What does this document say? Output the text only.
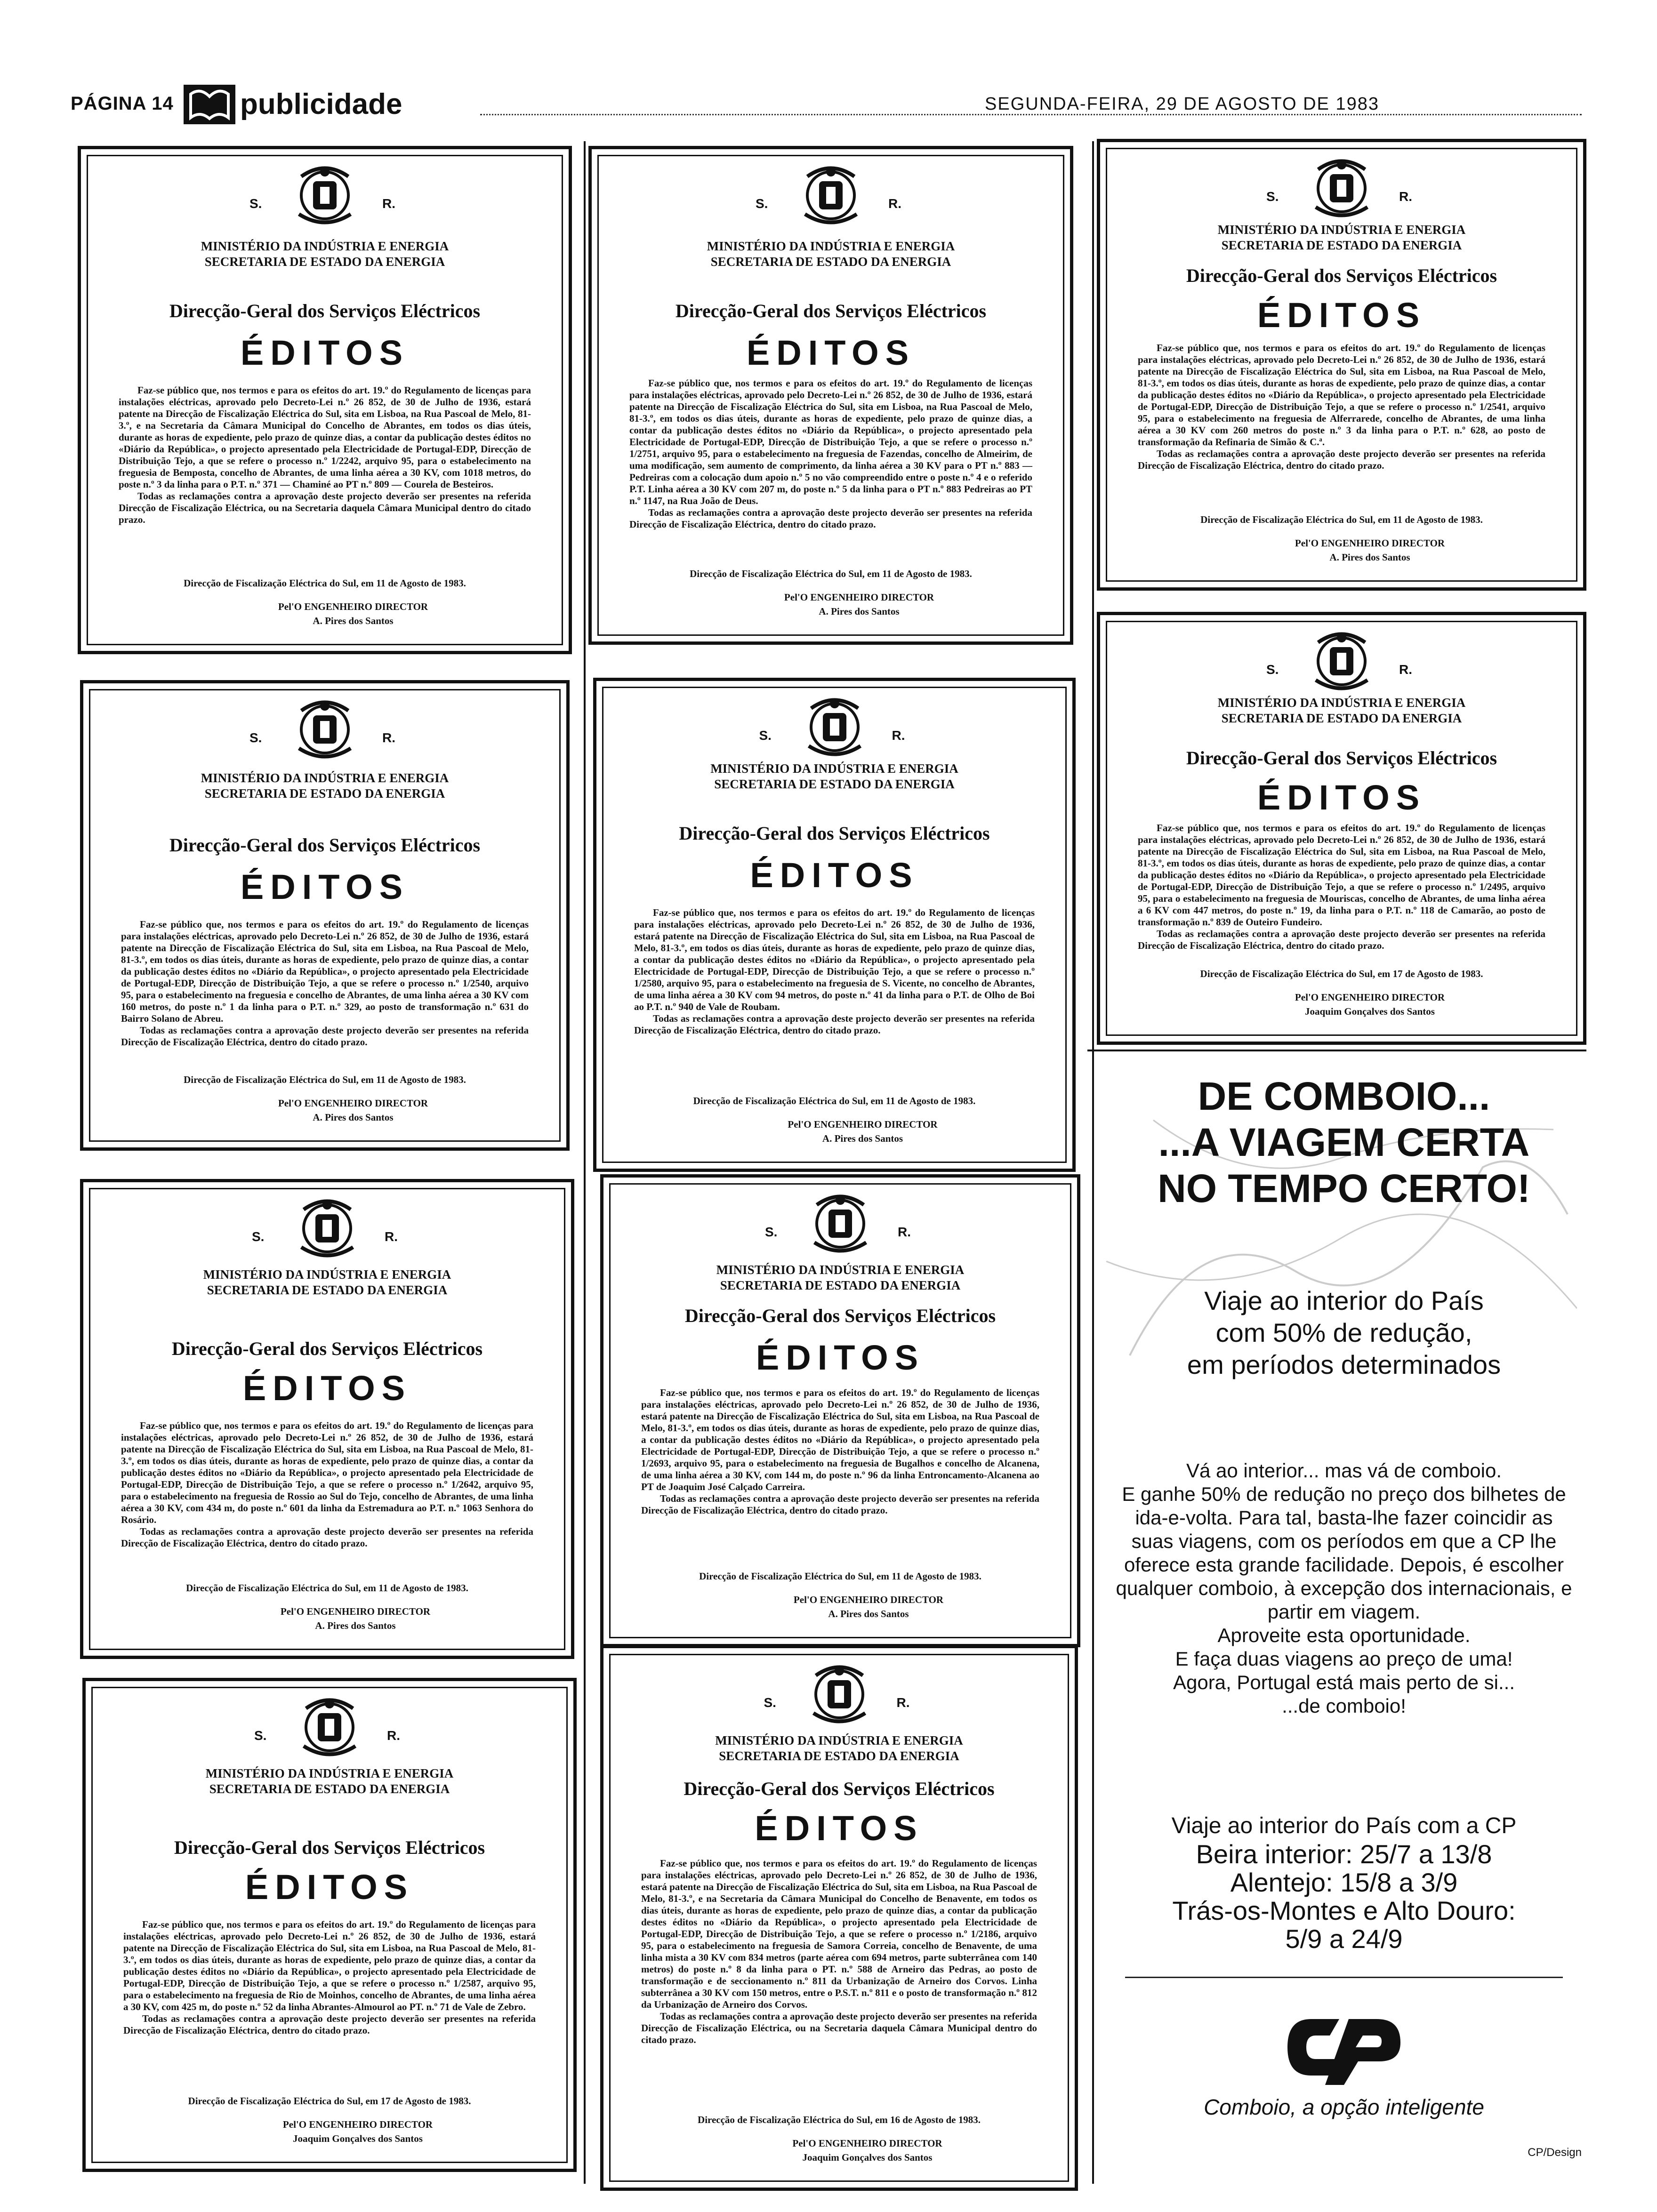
PÁGINA 14 publicidade	SEGUNDA-FEIRA, 29 DE AGOSTO DE 1983
S.	R.
MINISTÉRIO DA INDÚSTRIA E ENERGIA
SECRETARIA DE ESTADO DA ENERGIA
Direcção-Geral dos Serviços Eléctricos
ÉDITOS

Faz-se público que, nos termos e para os efeitos do art. 19.º do Regulamento de licenças para instalações eléctricas, aprovado pelo Decreto-Lei n.º 26 852, de 30 de Julho de 1936, estará patente na Direcção de Fiscalização Eléctrica do Sul, sita em Lisboa, na Rua Pascoal de Melo, 81-3.º, e na Secretaria da Câmara Municipal do Concelho de Abrantes, em todos os dias úteis, durante as horas de expediente, pelo prazo de quinze dias, a contar da publicação destes éditos no «Diário da República», o projecto apresentado pela Electricidade de Portugal-EDP, Direcção de Distribuição Tejo, a que se refere o processo n.º 1/2242, arquivo 95, para o estabelecimento na freguesia de Bemposta, concelho de Abrantes, de uma linha aérea a 30 KV, com 1018 metros, do poste n.º 3 da linha para o P.T. n.º 371 — Chaminé ao PT n.º 809 — Courela de Besteiros.

Todas as reclamações contra a aprovação deste projecto deverão ser presentes na referida Direcção de Fiscalização Eléctrica, ou na Secretaria daquela Câmara Municipal dentro do citado prazo.

Direcção de Fiscalização Eléctrica do Sul, em 11 de Agosto de 1983.
Pel'O ENGENHEIRO DIRECTOR
A. Pires dos Santos
S.	R.
MINISTÉRIO DA INDÚSTRIA E ENERGIA
SECRETARIA DE ESTADO DA ENERGIA
Direcção-Geral dos Serviços Eléctricos
ÉDITOS

Faz-se público que, nos termos e para os efeitos do art. 19.º do Regulamento de licenças para instalações eléctricas, aprovado pelo Decreto-Lei n.º 26 852, de 30 de Julho de 1936, estará patente na Direcção de Fiscalização Eléctrica do Sul, sita em Lisboa, na Rua Pascoal de Melo, 81-3.º, em todos os dias úteis, durante as horas de expediente, pelo prazo de quinze dias, a contar da publicação destes éditos no «Diário da República», o projecto apresentado pela Electricidade de Portugal-EDP, Direcção de Distribuição Tejo, a que se refere o processo n.º 1/2751, arquivo 95, para o estabelecimento na freguesia de Fazendas, concelho de Almeirim, de uma modificação, sem aumento de comprimento, da linha aérea a 30 KV para o PT n.º 883 — Pedreiras com a colocação dum apoio n.º 5 no vão compreendido entre o poste n.º 4 e o referido P.T. Linha aérea a 30 KV com 207 m, do poste n.º 5 da linha para o PT n.º 883 Pedreiras ao PT n.º 1147, na Rua João de Deus.

Todas as reclamações contra a aprovação deste projecto deverão ser presentes na referida Direcção de Fiscalização Eléctrica, dentro do citado prazo.

Direcção de Fiscalização Eléctrica do Sul, em 11 de Agosto de 1983.
Pel'O ENGENHEIRO DIRECTOR
A. Pires dos Santos
S.	R.
MINISTÉRIO DA INDÚSTRIA E ENERGIA
SECRETARIA DE ESTADO DA ENERGIA
Direcção-Geral dos Serviços Eléctricos
ÉDITOS

Faz-se público que, nos termos e para os efeitos do art. 19.º do Regulamento de licenças para instalações eléctricas, aprovado pelo Decreto-Lei n.º 26 852, de 30 de Julho de 1936, estará patente na Direcção de Fiscalização Eléctrica do Sul, sita em Lisboa, na Rua Pascoal de Melo, 81-3.º, em todos os dias úteis, durante as horas de expediente, pelo prazo de quinze dias, a contar da publicação destes éditos no «Diário da República», o projecto apresentado pela Electricidade de Portugal-EDP, Direcção de Distribuição Tejo, a que se refere o processo n.º 1/2541, arquivo 95, para o estabelecimento na freguesia de Alferrarede, concelho de Abrantes, de uma linha aérea a 30 KV com 260 metros do poste n.º 3 da linha para o P.T. n.º 628, ao posto de transformação da Refinaria de Simão & C.ª.

Todas as reclamações contra a aprovação deste projecto deverão ser presentes na referida Direcção de Fiscalização Eléctrica, dentro do citado prazo.

Direcção de Fiscalização Eléctrica do Sul, em 11 de Agosto de 1983.
Pel'O ENGENHEIRO DIRECTOR
A. Pires dos Santos
S.	R.
MINISTÉRIO DA INDÚSTRIA E ENERGIA
SECRETARIA DE ESTADO DA ENERGIA
Direcção-Geral dos Serviços Eléctricos
ÉDITOS

Faz-se público que, nos termos e para os efeitos do art. 19.º do Regulamento de licenças para instalações eléctricas, aprovado pelo Decreto-Lei n.º 26 852, de 30 de Julho de 1936, estará patente na Direcção de Fiscalização Eléctrica do Sul, sita em Lisboa, na Rua Pascoal de Melo, 81-3.º, em todos os dias úteis, durante as horas de expediente, pelo prazo de quinze dias, a contar da publicação destes éditos no «Diário da República», o projecto apresentado pela Electricidade de Portugal-EDP, Direcção de Distribuição Tejo, a que se refere o processo n.º 1/2540, arquivo 95, para o estabelecimento na freguesia e concelho de Abrantes, de uma linha aérea a 30 KV com 160 metros, do poste n.º 1 da linha para o P.T. n.º 329, ao posto de transformação n.º 631 do Bairro Solano de Abreu.

Todas as reclamações contra a aprovação deste projecto deverão ser presentes na referida Direcção de Fiscalização Eléctrica, dentro do citado prazo.

Direcção de Fiscalização Eléctrica do Sul, em 11 de Agosto de 1983.
Pel'O ENGENHEIRO DIRECTOR
A. Pires dos Santos
S.	R.
MINISTÉRIO DA INDÚSTRIA E ENERGIA
SECRETARIA DE ESTADO DA ENERGIA
Direcção-Geral dos Serviços Eléctricos
ÉDITOS

Faz-se público que, nos termos e para os efeitos do art. 19.º do Regulamento de licenças para instalações eléctricas, aprovado pelo Decreto-Lei n.º 26 852, de 30 de Julho de 1936, estará patente na Direcção de Fiscalização Eléctrica do Sul, sita em Lisboa, na Rua Pascoal de Melo, 81-3.º, em todos os dias úteis, durante as horas de expediente, pelo prazo de quinze dias, a contar da publicação destes éditos no «Diário da República», o projecto apresentado pela Electricidade de Portugal-EDP, Direcção de Distribuição Tejo, a que se refere o processo n.º 1/2580, arquivo 95, para o estabelecimento na freguesia de S. Vicente, no concelho de Abrantes, de uma linha aérea a 30 KV com 94 metros, do poste n.º 41 da linha para o P.T. de Olho de Boi ao P.T. n.º 940 de Vale de Roubam.

Todas as reclamações contra a aprovação deste projecto deverão ser presentes na referida Direcção de Fiscalização Eléctrica, dentro do citado prazo.

Direcção de Fiscalização Eléctrica do Sul, em 11 de Agosto de 1983.
Pel'O ENGENHEIRO DIRECTOR
A. Pires dos Santos
S.	R.
MINISTÉRIO DA INDÚSTRIA E ENERGIA
SECRETARIA DE ESTADO DA ENERGIA
Direcção-Geral dos Serviços Eléctricos
ÉDITOS

Faz-se público que, nos termos e para os efeitos do art. 19.º do Regulamento de licenças para instalações eléctricas, aprovado pelo Decreto-Lei n.º 26 852, de 30 de Julho de 1936, estará patente na Direcção de Fiscalização Eléctrica do Sul, sita em Lisboa, na Rua Pascoal de Melo, 81-3.º, em todos os dias úteis, durante as horas de expediente, pelo prazo de quinze dias, a contar da publicação destes éditos no «Diário da República», o projecto apresentado pela Electricidade de Portugal-EDP, Direcção de Distribuição Tejo, a que se refere o processo n.º 1/2495, arquivo 95, para o estabelecimento na freguesia de Mouriscas, concelho de Abrantes, de uma linha aérea a 6 KV com 447 metros, do poste n.º 19, da linha para o P.T. n.º 118 de Camarão, ao posto de transformação n.º 839 de Outeiro Fundeiro.

Todas as reclamações contra a aprovação deste projecto deverão ser presentes na referida Direcção de Fiscalização Eléctrica, dentro do citado prazo.

Direcção de Fiscalização Eléctrica do Sul, em 17 de Agosto de 1983.
Pel'O ENGENHEIRO DIRECTOR
Joaquim Gonçalves dos Santos
S.	R.
MINISTÉRIO DA INDÚSTRIA E ENERGIA
SECRETARIA DE ESTADO DA ENERGIA
Direcção-Geral dos Serviços Eléctricos
ÉDITOS

Faz-se público que, nos termos e para os efeitos do art. 19.º do Regulamento de licenças para instalações eléctricas, aprovado pelo Decreto-Lei n.º 26 852, de 30 de Julho de 1936, estará patente na Direcção de Fiscalização Eléctrica do Sul, sita em Lisboa, na Rua Pascoal de Melo, 81-3.º, em todos os dias úteis, durante as horas de expediente, pelo prazo de quinze dias, a contar da publicação destes éditos no «Diário da República», o projecto apresentado pela Electricidade de Portugal-EDP, Direcção de Distribuição Tejo, a que se refere o processo n.º 1/2642, arquivo 95, para o estabelecimento na freguesia de Rossio ao Sul do Tejo, concelho de Abrantes, de uma linha aérea a 30 KV, com 434 m, do poste n.º 601 da linha da Estremadura ao P.T. n.º 1063 Senhora do Rosário.

Todas as reclamações contra a aprovação deste projecto deverão ser presentes na referida Direcção de Fiscalização Eléctrica, dentro do citado prazo.

Direcção de Fiscalização Eléctrica do Sul, em 11 de Agosto de 1983.
Pel'O ENGENHEIRO DIRECTOR
A. Pires dos Santos
S.	R.
MINISTÉRIO DA INDÚSTRIA E ENERGIA
SECRETARIA DE ESTADO DA ENERGIA
Direcção-Geral dos Serviços Eléctricos
ÉDITOS

Faz-se público que, nos termos e para os efeitos do art. 19.º do Regulamento de licenças para instalações eléctricas, aprovado pelo Decreto-Lei n.º 26 852, de 30 de Julho de 1936, estará patente na Direcção de Fiscalização Eléctrica do Sul, sita em Lisboa, na Rua Pascoal de Melo, 81-3.º, em todos os dias úteis, durante as horas de expediente, pelo prazo de quinze dias, a contar da publicação destes éditos no «Diário da República», o projecto apresentado pela Electricidade de Portugal-EDP, Direcção de Distribuição Tejo, a que se refere o processo n.º 1/2693, arquivo 95, para o estabelecimento na freguesia de Bugalhos e concelho de Alcanena, de uma linha aérea a 30 KV, com 144 m, do poste n.º 96 da linha Entroncamento-Alcanena ao PT de Joaquim José Calçado Carreira.

Todas as reclamações contra a aprovação deste projecto deverão ser presentes na referida Direcção de Fiscalização Eléctrica, dentro do citado prazo.

Direcção de Fiscalização Eléctrica do Sul, em 11 de Agosto de 1983.
Pel'O ENGENHEIRO DIRECTOR
A. Pires dos Santos
S.	R.
MINISTÉRIO DA INDÚSTRIA E ENERGIA
SECRETARIA DE ESTADO DA ENERGIA
Direcção-Geral dos Serviços Eléctricos
ÉDITOS

Faz-se público que, nos termos e para os efeitos do art. 19.º do Regulamento de licenças para instalações eléctricas, aprovado pelo Decreto-Lei n.º 26 852, de 30 de Julho de 1936, estará patente na Direcção de Fiscalização Eléctrica do Sul, sita em Lisboa, na Rua Pascoal de Melo, 81-3.º, em todos os dias úteis, durante as horas de expediente, pelo prazo de quinze dias, a contar da publicação destes éditos no «Diário da República», o projecto apresentado pela Electricidade de Portugal-EDP, Direcção de Distribuição Tejo, a que se refere o processo n.º 1/2587, arquivo 95, para o estabelecimento na freguesia de Rio de Moinhos, concelho de Abrantes, de uma linha aérea a 30 KV, com 425 m, do poste n.º 52 da linha Abrantes-Almourol ao PT. n.º 71 de Vale de Zebro.

Todas as reclamações contra a aprovação deste projecto deverão ser presentes na referida Direcção de Fiscalização Eléctrica, dentro do citado prazo.

Direcção de Fiscalização Eléctrica do Sul, em 17 de Agosto de 1983.
Pel'O ENGENHEIRO DIRECTOR
Joaquim Gonçalves dos Santos
S.	R.
MINISTÉRIO DA INDÚSTRIA E ENERGIA
SECRETARIA DE ESTADO DA ENERGIA
Direcção-Geral dos Serviços Eléctricos
ÉDITOS

Faz-se público que, nos termos e para os efeitos do art. 19.º do Regulamento de licenças para instalações eléctricas, aprovado pelo Decreto-Lei n.º 26 852, de 30 de Julho de 1936, estará patente na Direcção de Fiscalização Eléctrica do Sul, sita em Lisboa, na Rua Pascoal de Melo, 81-3.º, e na Secretaria da Câmara Municipal do Concelho de Benavente, em todos os dias úteis, durante as horas de expediente, pelo prazo de quinze dias, a contar da publicação destes éditos no «Diário da República», o projecto apresentado pela Electricidade de Portugal-EDP, Direcção de Distribuição Tejo, a que se refere o processo n.º 1/2186, arquivo 95, para o estabelecimento na freguesia de Samora Correia, concelho de Benavente, de uma linha mista a 30 KV com 834 metros (parte aérea com 694 metros, parte subterrânea com 140 metros) do poste n.º 8 da linha para o PT. n.º 588 de Arneiro das Pedras, ao posto de transformação e de seccionamento n.º 811 da Urbanização de Arneiro dos Corvos. Linha subterrânea a 30 KV com 150 metros, entre o P.S.T. n.º 811 e o posto de transformação n.º 812 da Urbanização de Arneiro dos Corvos.

Todas as reclamações contra a aprovação deste projecto deverão ser presentes na referida Direcção de Fiscalização Eléctrica, ou na Secretaria daquela Câmara Municipal dentro do citado prazo.

Direcção de Fiscalização Eléctrica do Sul, em 16 de Agosto de 1983.
Pel'O ENGENHEIRO DIRECTOR
Joaquim Gonçalves dos Santos
DE COMBOIO...
...A VIAGEM CERTA
NO TEMPO CERTO!
Viaje ao interior do País
com 50% de redução,
em períodos determinados
Vá ao interior... mas vá de comboio.
E ganhe 50% de redução no preço dos bilhetes de ida-e-volta. Para tal, basta-lhe fazer coincidir as suas viagens, com os períodos em que a CP lhe oferece esta grande facilidade. Depois, é escolher qualquer comboio, à excepção dos internacionais, e partir em viagem.
Aproveite esta oportunidade.
E faça duas viagens ao preço de uma!
Agora, Portugal está mais perto de si...
...de comboio!
Viaje ao interior do País com a CP
Beira interior: 25/7 a 13/8
Alentejo: 15/8 a 3/9
Trás-os-Montes e Alto Douro:
5/9 a 24/9
Comboio, a opção inteligente
CP/Design
